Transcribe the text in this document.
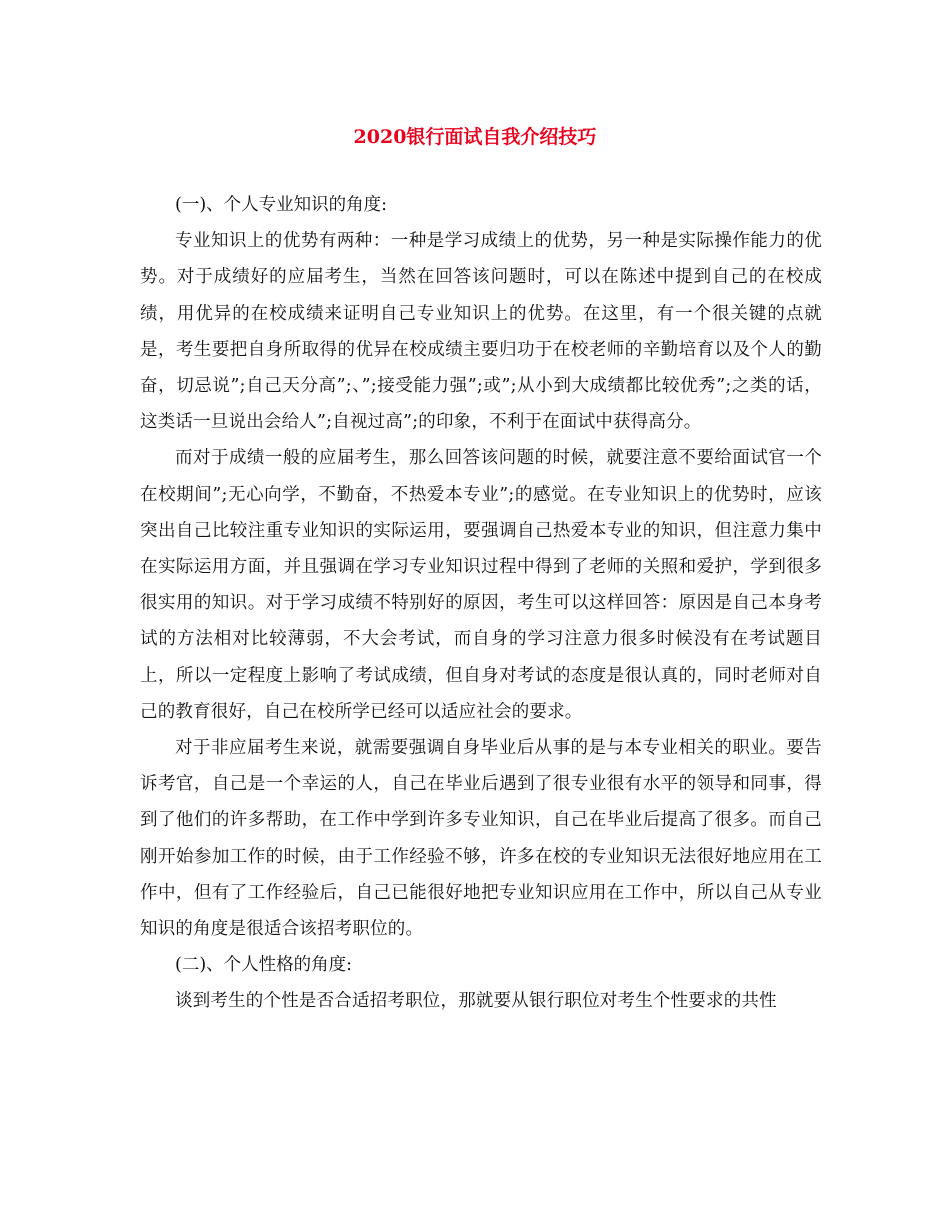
2020银行面试自我介绍技巧

(一)、个人专业知识的角度:

专业知识上的优势有两种：一种是学习成绩上的优势，另一种是实际操作能力的优势。对于成绩好的应届考生，当然在回答该问题时，可以在陈述中提到自己的在校成绩，用优异的在校成绩来证明自己专业知识上的优势。在这里，有一个很关键的点就是，考生要把自身所取得的优异在校成绩主要归功于在校老师的辛勤培育以及个人的勤奋，切忌说”;自己天分高”;、”;接受能力强”;或”;从小到大成绩都比较优秀”;之类的话，这类话一旦说出会给人”;自视过高”;的印象，不利于在面试中获得高分。

而对于成绩一般的应届考生，那么回答该问题的时候，就要注意不要给面试官一个在校期间”;无心向学，不勤奋，不热爱本专业”;的感觉。在专业知识上的优势时，应该突出自己比较注重专业知识的实际运用，要强调自己热爱本专业的知识，但注意力集中在实际运用方面，并且强调在学习专业知识过程中得到了老师的关照和爱护，学到很多很实用的知识。对于学习成绩不特别好的原因，考生可以这样回答：原因是自己本身考试的方法相对比较薄弱，不大会考试，而自身的学习注意力很多时候没有在考试题目上，所以一定程度上影响了考试成绩，但自身对考试的态度是很认真的，同时老师对自己的教育很好，自己在校所学已经可以适应社会的要求。

对于非应届考生来说，就需要强调自身毕业后从事的是与本专业相关的职业。要告诉考官，自己是一个幸运的人，自己在毕业后遇到了很专业很有水平的领导和同事，得到了他们的许多帮助，在工作中学到许多专业知识，自己在毕业后提高了很多。而自己刚开始参加工作的时候，由于工作经验不够，许多在校的专业知识无法很好地应用在工作中，但有了工作经验后，自己已能很好地把专业知识应用在工作中，所以自己从专业知识的角度是很适合该招考职位的。

(二)、个人性格的角度:

谈到考生的个性是否合适招考职位，那就要从银行职位对考生个性要求的共性
